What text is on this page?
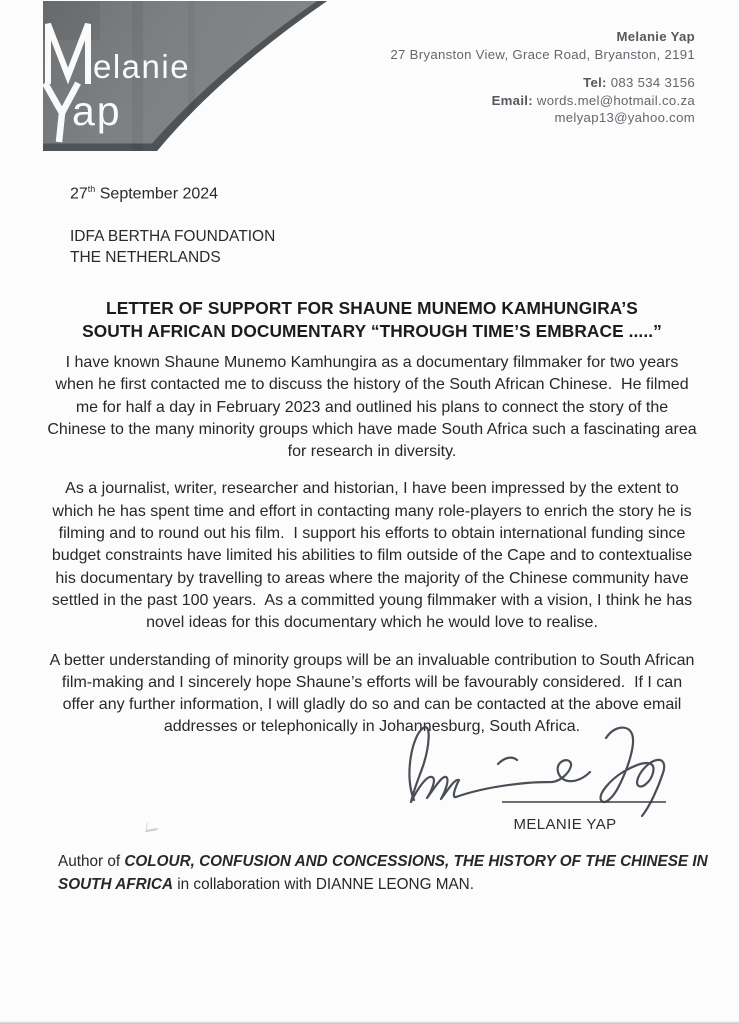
elanie
ap
Melanie Yap
27 Bryanston View, Grace Road, Bryanston, 2191
Tel: 083 534 3156
Email: words.mel@hotmail.co.za
melyap13@yahoo.com
27th September 2024
IDFA BERTHA FOUNDATION
THE NETHERLANDS
LETTER OF SUPPORT FOR SHAUNE MUNEMO KAMHUNGIRA’S
SOUTH AFRICAN DOCUMENTARY “THROUGH TIME’S EMBRACE .....”

I have known Shaune Munemo Kamhungira as a documentary filmmaker for two years when he first contacted me to discuss the history of the South African Chinese.  He filmed me for half a day in February 2023 and outlined his plans to connect the story of the Chinese to the many minority groups which have made South Africa such a fascinating area for research in diversity.

As a journalist, writer, researcher and historian, I have been impressed by the extent to which he has spent time and effort in contacting many role-players to enrich the story he is filming and to round out his film.  I support his efforts to obtain international funding since budget constraints have limited his abilities to film outside of the Cape and to contextualise his documentary by travelling to areas where the majority of the Chinese community have settled in the past 100 years.  As a committed young filmmaker with a vision, I think he has novel ideas for this documentary which he would love to realise.

A better understanding of minority groups will be an invaluable contribution to South African film-making and I sincerely hope Shaune’s efforts will be favourably considered.  If I can offer any further information, I will gladly do so and can be contacted at the above email addresses or telephonically in Johannesburg, South Africa.

MELANIE YAP
Author of COLOUR, CONFUSION AND CONCESSIONS, THE HISTORY OF THE CHINESE IN SOUTH AFRICA in collaboration with DIANNE LEONG MAN.
